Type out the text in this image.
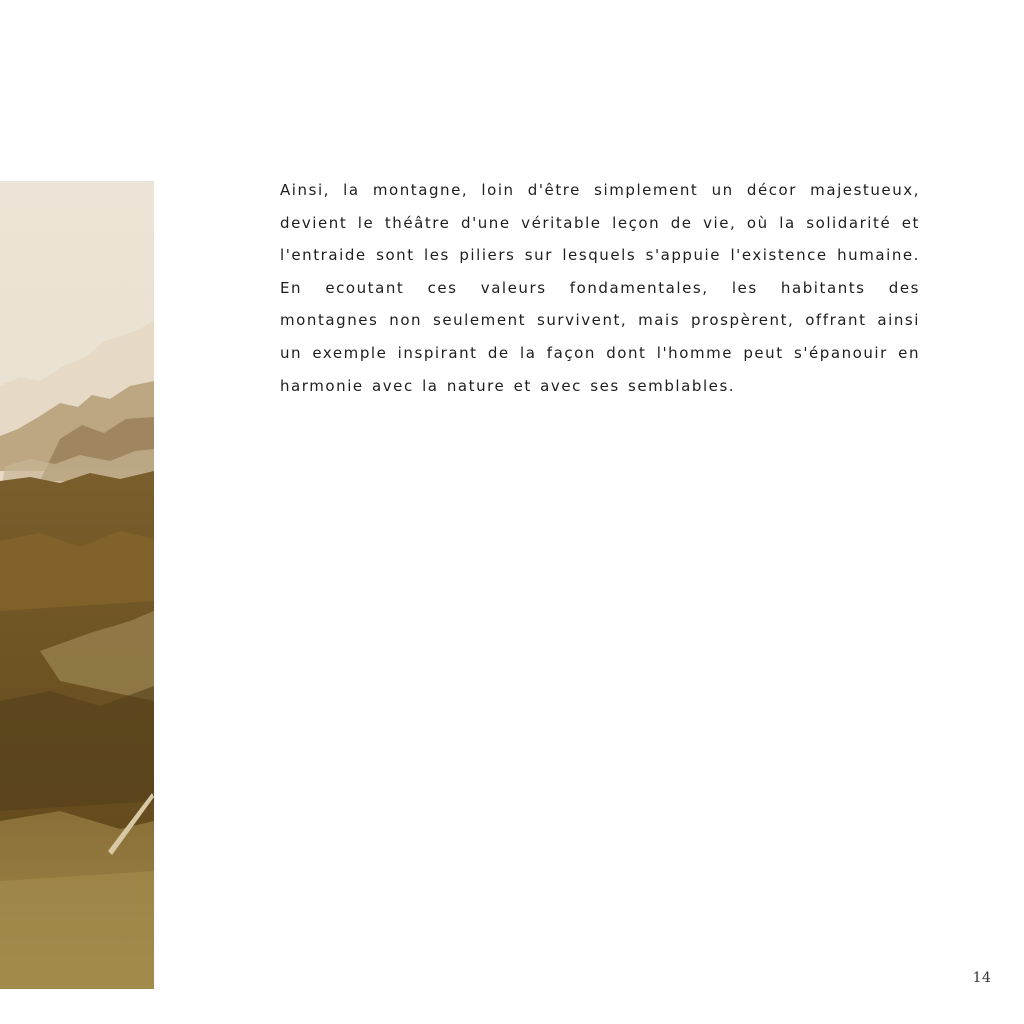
Ainsi, la montagne, loin d'être simplement un décor majestueux, devient le théâtre d'une véritable leçon de vie, où la solidarité et l'entraide sont les piliers sur lesquels s'appuie l'existence humaine. En ecoutant ces valeurs fondamentales, les habitants des montagnes non seulement survivent, mais prospèrent, offrant ainsi un exemple inspirant de la façon dont l'homme peut s'épanouir en harmonie avec la nature et avec ses semblables.

14
